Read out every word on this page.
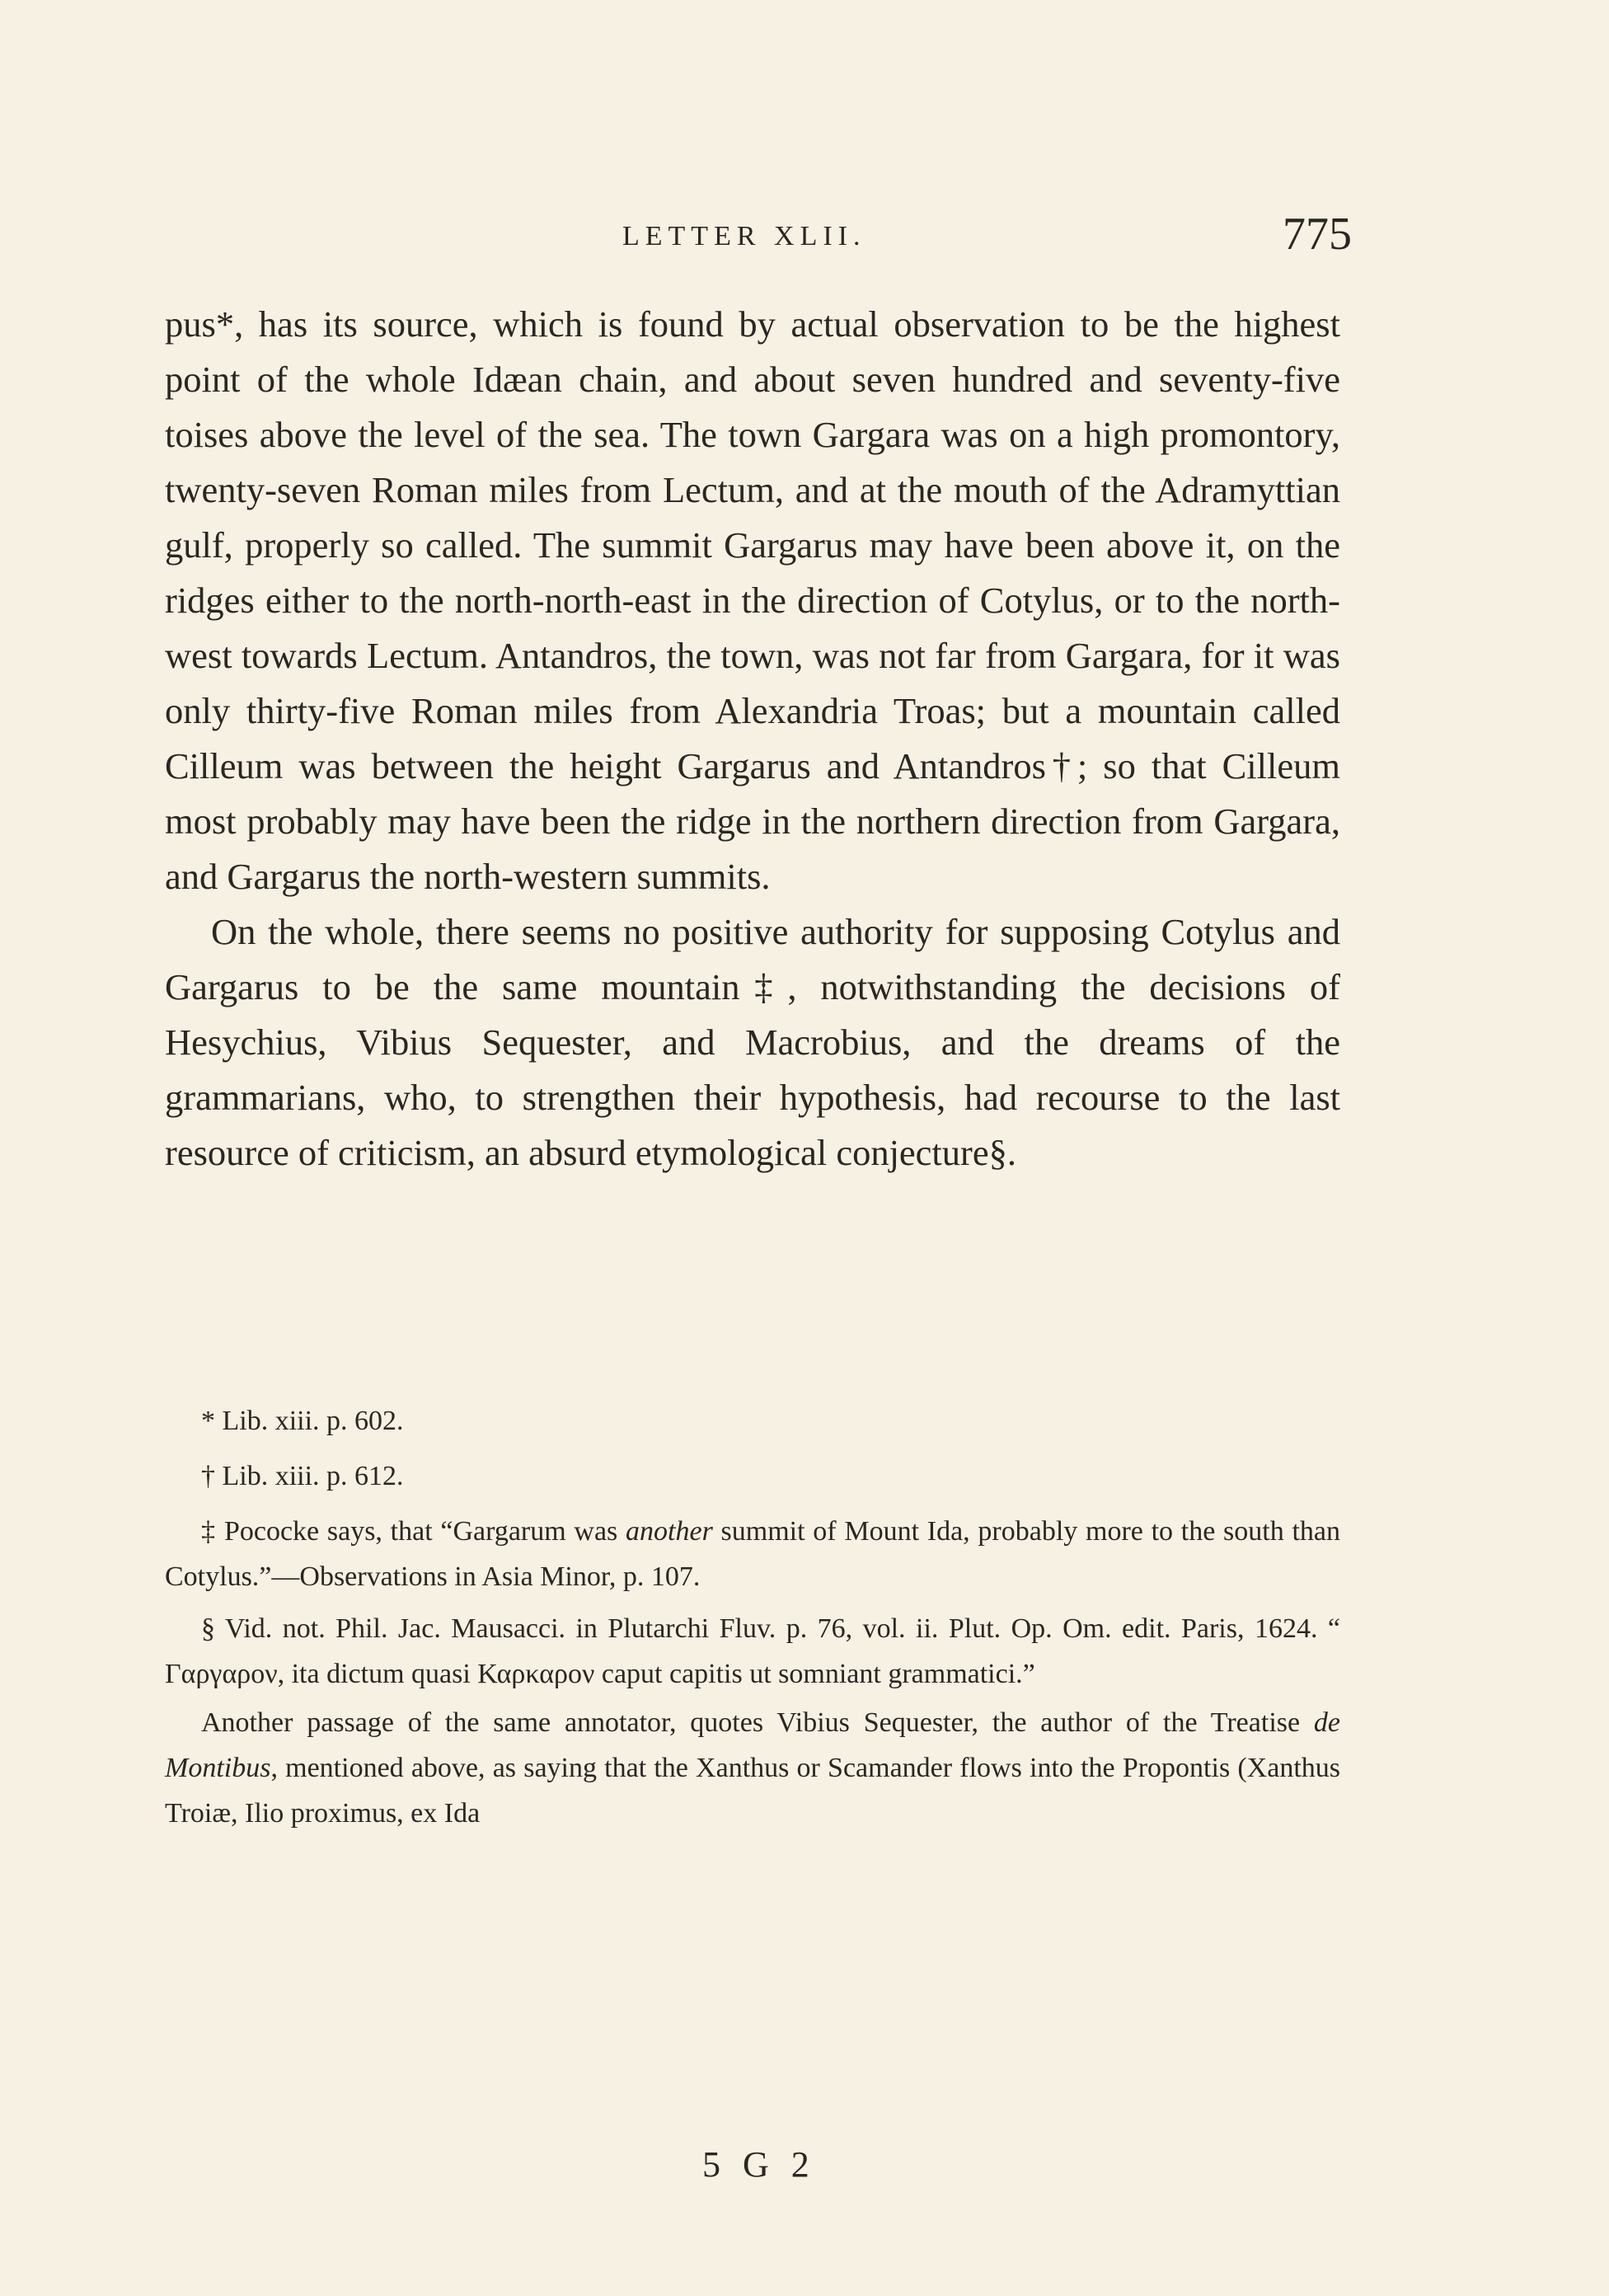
LETTER XLII.	775

pus*, has its source, which is found by actual observation to be the highest point of the whole Idæan chain, and about seven hundred and seventy-five toises above the level of the sea. The town Gargara was on a high promontory, twenty-seven Roman miles from Lectum, and at the mouth of the Adramyttian gulf, properly so called. The summit Gargarus may have been above it, on the ridges either to the north-north-east in the direction of Cotylus, or to the north-west towards Lectum. Antandros, the town, was not far from Gargara, for it was only thirty-five Roman miles from Alexandria Troas; but a mountain called Cilleum was between the height Gargarus and Antandros†; so that Cilleum most probably may have been the ridge in the northern direction from Gargara, and Gargarus the north-western summits.

On the whole, there seems no positive authority for supposing Cotylus and Gargarus to be the same mountain‡, notwithstanding the decisions of Hesychius, Vibius Sequester, and Macrobius, and the dreams of the grammarians, who, to strengthen their hypothesis, had recourse to the last resource of criticism, an absurd etymological conjecture§.

* Lib. xiii. p. 602.

† Lib. xiii. p. 612.

‡ Pococke says, that “Gargarum was another summit of Mount Ida, probably more to the south than Cotylus.”—Observations in Asia Minor, p. 107.

§ Vid. not. Phil. Jac. Mausacci. in Plutarchi Fluv. p. 76, vol. ii. Plut. Op. Om. edit. Paris, 1624. “ Γαργαρον, ita dictum quasi Καρκαρον caput capitis ut somniant grammatici.”

Another passage of the same annotator, quotes Vibius Sequester, the author of the Treatise de Montibus, mentioned above, as saying that the Xanthus or Scamander flows into the Propontis (Xanthus Troiæ, Ilio proximus, ex Ida

5 G 2
